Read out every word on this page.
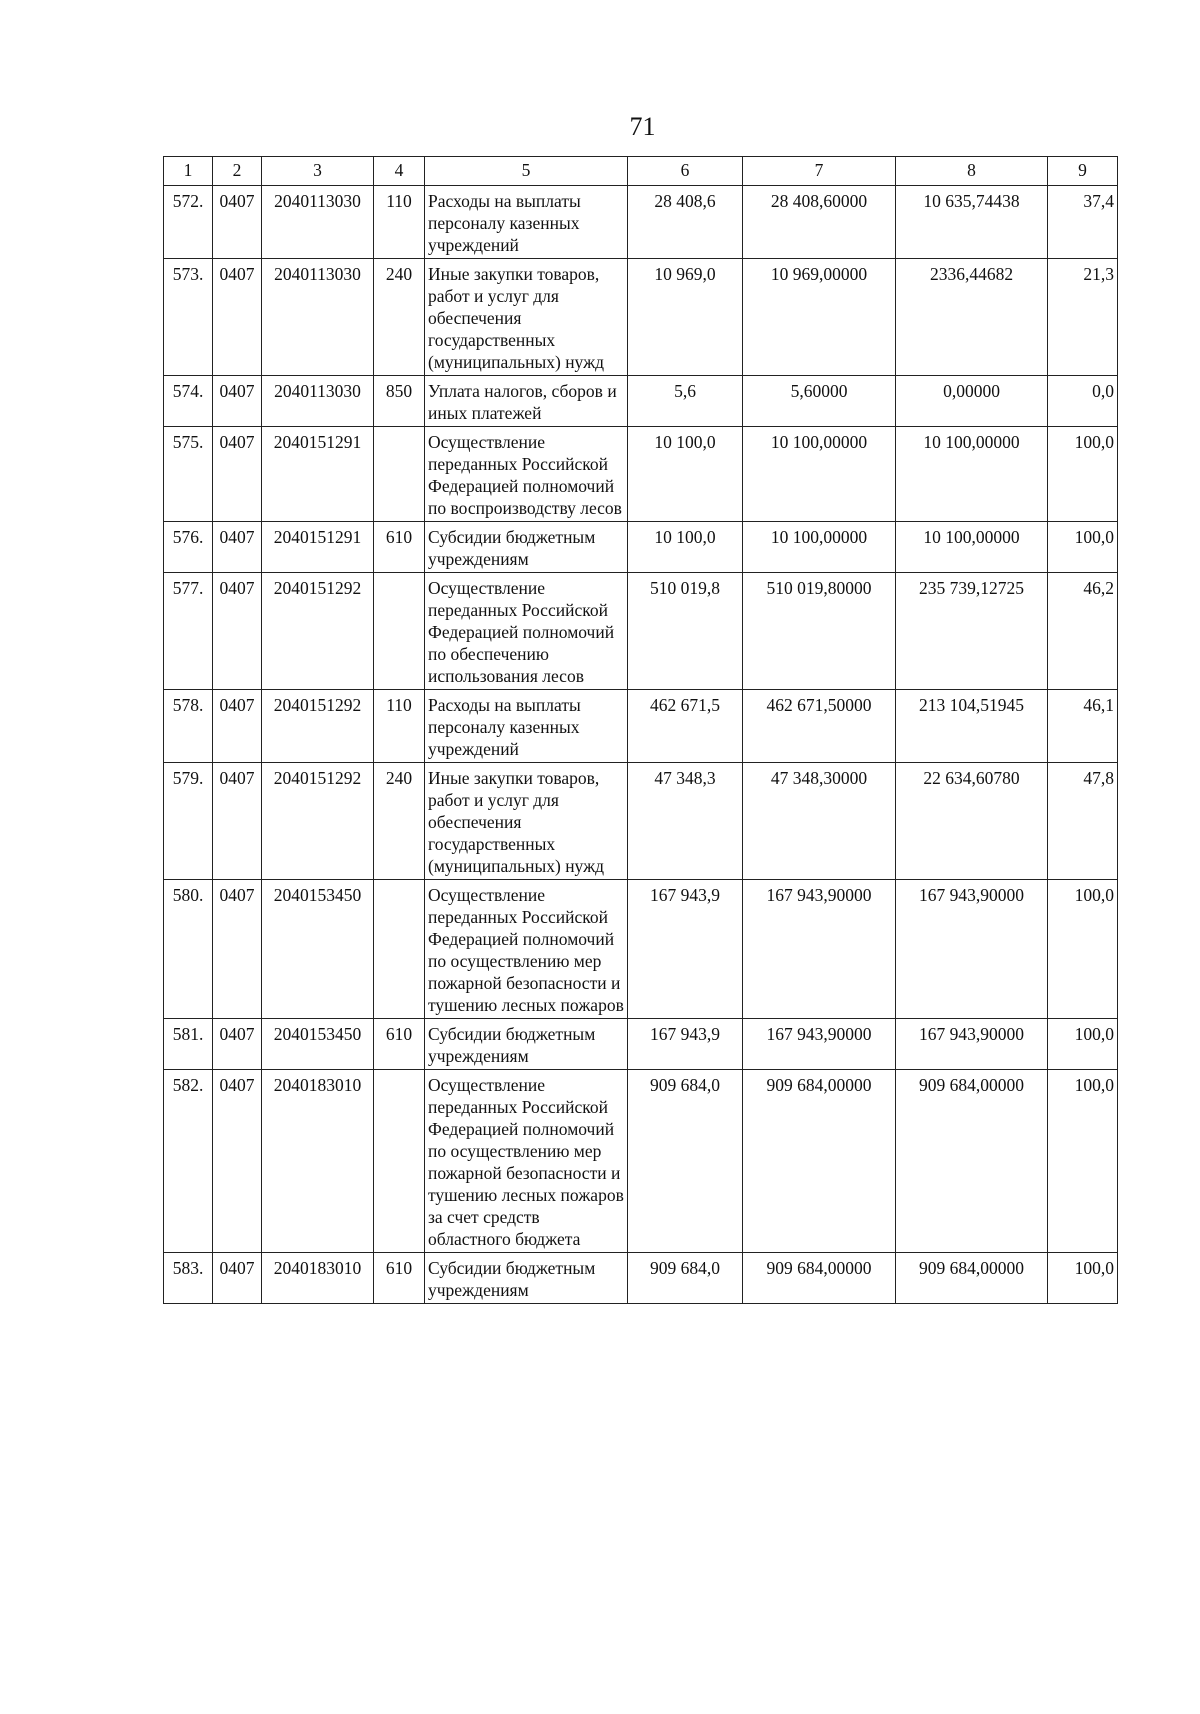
71
1	2	3	4	5	6	7	8	9
572.	0407	2040113030	110	Расходы на выплаты персоналу казенных учреждений	28 408,6	28 408,60000	10 635,74438	37,4
573.	0407	2040113030	240	Иные закупки товаров, работ и услуг для обеспечения государственных (муниципальных) нужд	10 969,0	10 969,00000	2336,44682	21,3
574.	0407	2040113030	850	Уплата налогов, сборов и иных платежей	5,6	5,60000	0,00000	0,0
575.	0407	2040151291		Осуществление переданных Российской Федерацией полномочий по воспроизводству лесов	10 100,0	10 100,00000	10 100,00000	100,0
576.	0407	2040151291	610	Субсидии бюджетным учреждениям	10 100,0	10 100,00000	10 100,00000	100,0
577.	0407	2040151292		Осуществление переданных Российской Федерацией полномочий по обеспечению использования лесов	510 019,8	510 019,80000	235 739,12725	46,2
578.	0407	2040151292	110	Расходы на выплаты персоналу казенных учреждений	462 671,5	462 671,50000	213 104,51945	46,1
579.	0407	2040151292	240	Иные закупки товаров, работ и услуг для обеспечения государственных (муниципальных) нужд	47 348,3	47 348,30000	22 634,60780	47,8
580.	0407	2040153450		Осуществление переданных Российской Федерацией полномочий по осуществлению мер пожарной безопасности и тушению лесных пожаров	167 943,9	167 943,90000	167 943,90000	100,0
581.	0407	2040153450	610	Субсидии бюджетным учреждениям	167 943,9	167 943,90000	167 943,90000	100,0
582.	0407	2040183010		Осуществление переданных Российской Федерацией полномочий по осуществлению мер пожарной безопасности и тушению лесных пожаров за счет средств областного бюджета	909 684,0	909 684,00000	909 684,00000	100,0
583.	0407	2040183010	610	Субсидии бюджетным учреждениям	909 684,0	909 684,00000	909 684,00000	100,0
